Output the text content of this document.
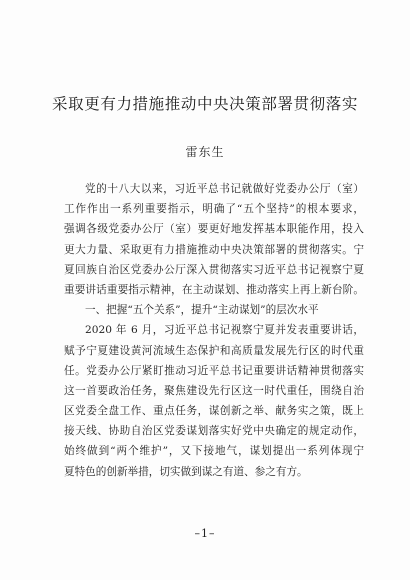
采取更有力措施推动中央决策部署贯彻落实
雷东生
党的十八大以来，习近平总书记就做好党委办公厅（室）
工作作出一系列重要指示，明确了“五个坚持”的根本要求，
强调各级党委办公厅（室）要更好地发挥基本职能作用，投入
更大力量、采取更有力措施推动中央决策部署的贯彻落实。宁
夏回族自治区党委办公厅深入贯彻落实习近平总书记视察宁夏
重要讲话重要指示精神，在主动谋划、推动落实上再上新台阶。
一、把握“五个关系”，提升“主动谋划”的层次水平
2020 年 6 月，习近平总书记视察宁夏并发表重要讲话，
赋予宁夏建设黄河流域生态保护和高质量发展先行区的时代重
任。党委办公厅紧盯推动习近平总书记重要讲话精神贯彻落实
这一首要政治任务，聚焦建设先行区这一时代重任，围绕自治
区党委全盘工作、重点任务，谋创新之举、献务实之策，既上
接天线、协助自治区党委谋划落实好党中央确定的规定动作，
始终做到“两个维护”，又下接地气，谋划提出一系列体现宁
夏特色的创新举措，切实做到谋之有道、参之有方。
–1–
